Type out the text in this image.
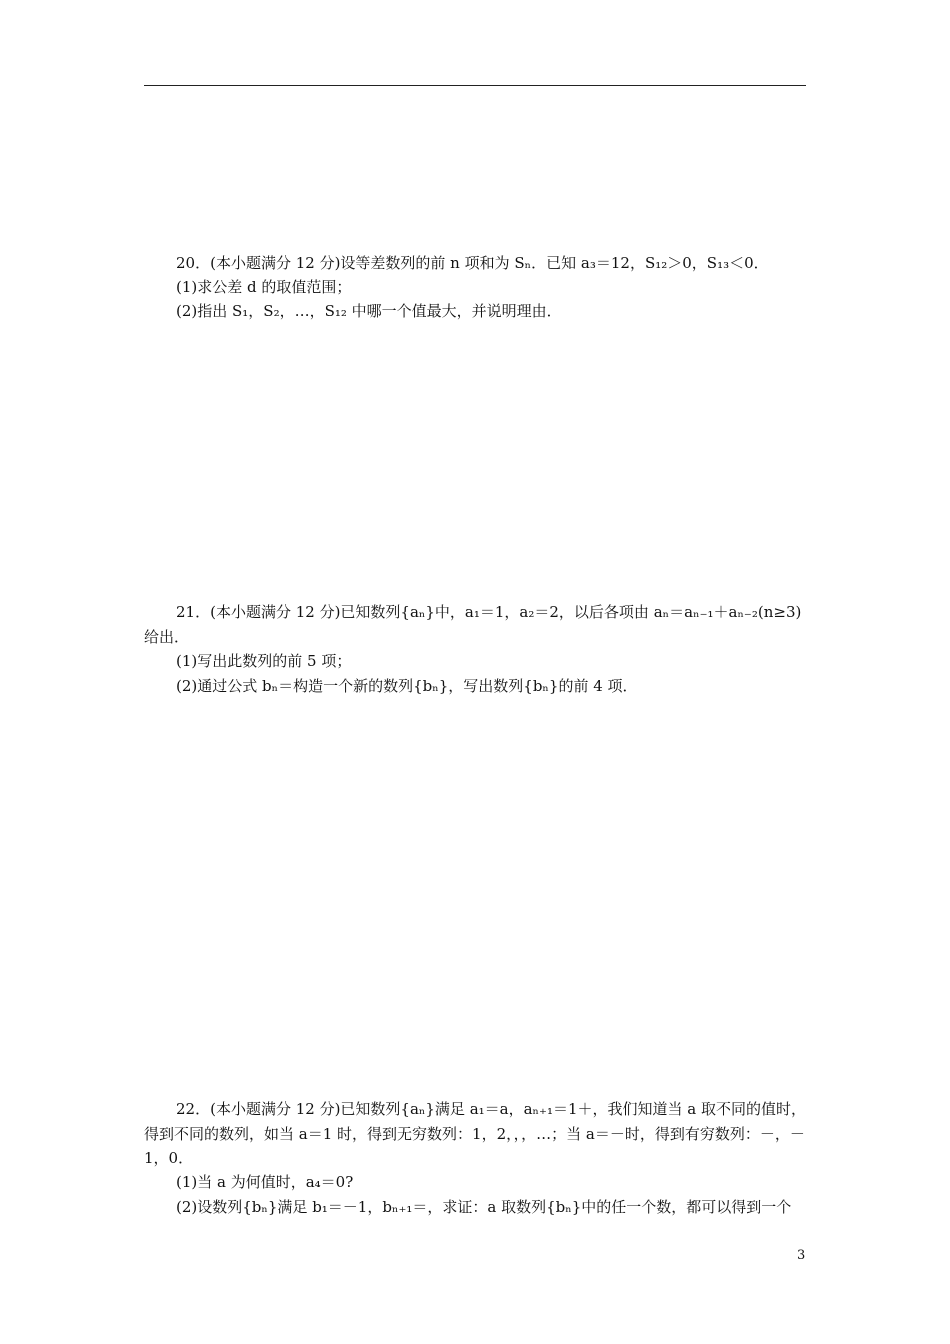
20．(本小题满分 12 分)设等差数列的前 n 项和为 Sₙ．已知 a₃＝12，S₁₂＞0，S₁₃＜0．
(1)求公差 d 的取值范围；
(2)指出 S₁，S₂，…，S₁₂ 中哪一个值最大，并说明理由．
21．(本小题满分 12 分)已知数列{aₙ}中，a₁＝1，a₂＝2，以后各项由 aₙ＝aₙ₋₁＋aₙ₋₂(n≥3)
给出．
(1)写出此数列的前 5 项；
(2)通过公式 bₙ＝构造一个新的数列{bₙ}，写出数列{bₙ}的前 4 项．
22．(本小题满分 12 分)已知数列{aₙ}满足 a₁＝a，aₙ₊₁＝1＋，我们知道当 a 取不同的值时，
得到不同的数列，如当 a＝1 时，得到无穷数列：1，2，，，…；当 a＝－时，得到有穷数列：－，－
1，0．
(1)当 a 为何值时，a₄＝0?
(2)设数列{bₙ}满足 b₁＝－1，bₙ₊₁＝，求证：a 取数列{bₙ}中的任一个数，都可以得到一个
3
